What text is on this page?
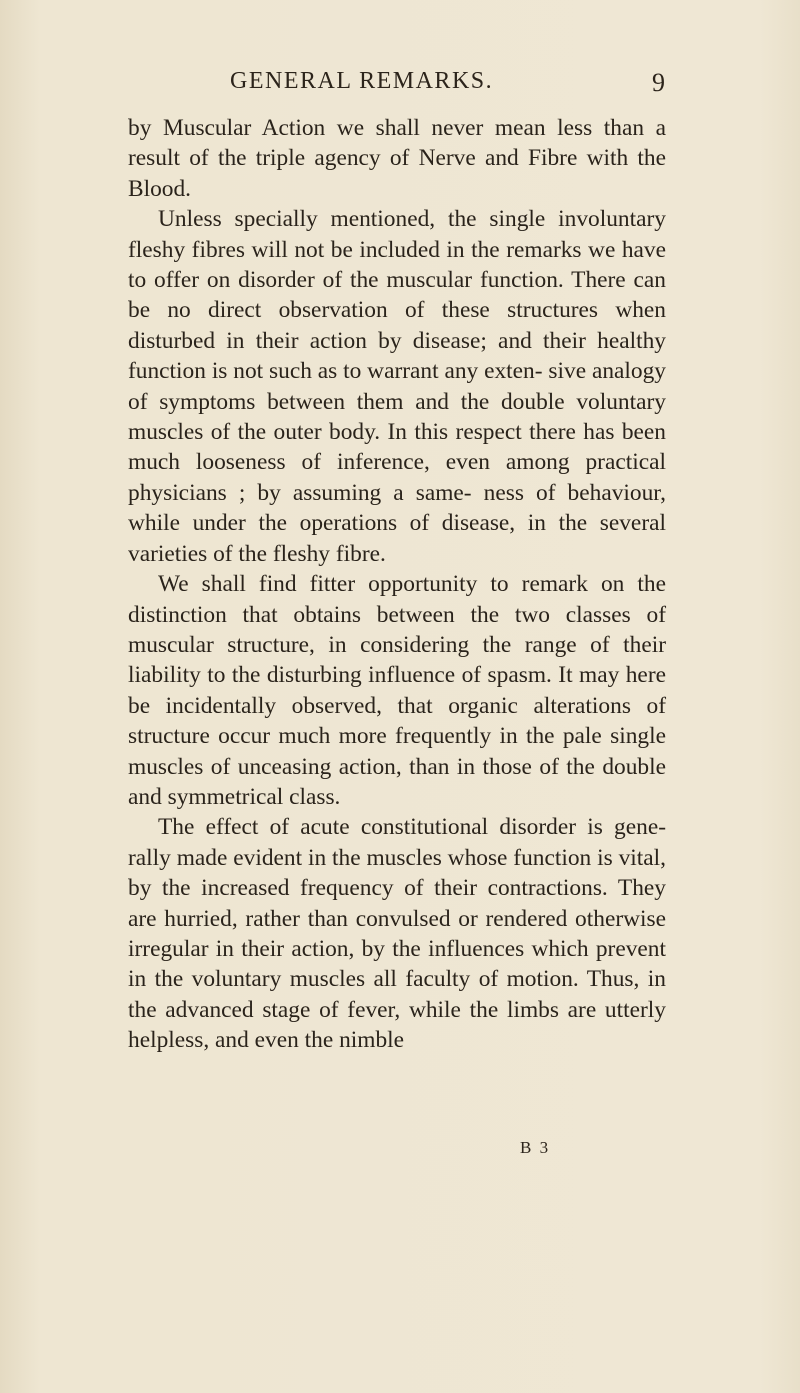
GENERAL REMARKS.	9

by Muscular Action we shall never mean less than a result of the triple agency of Nerve and Fibre with the Blood.

Unless specially mentioned, the single involuntary fleshy fibres will not be included in the remarks we have to offer on disorder of the muscular function. There can be no direct observation of these structures when disturbed in their action by disease; and their healthy function is not such as to warrant any exten- sive analogy of symptoms between them and the double voluntary muscles of the outer body. In this respect there has been much looseness of inference, even among practical physicians ; by assuming a same- ness of behaviour, while under the operations of disease, in the several varieties of the fleshy fibre.

We shall find fitter opportunity to remark on the distinction that obtains between the two classes of muscular structure, in considering the range of their liability to the disturbing influence of spasm. It may here be incidentally observed, that organic alterations of structure occur much more frequently in the pale single muscles of unceasing action, than in those of the double and symmetrical class.

The effect of acute constitutional disorder is gene- rally made evident in the muscles whose function is vital, by the increased frequency of their contractions. They are hurried, rather than convulsed or rendered otherwise irregular in their action, by the influences which prevent in the voluntary muscles all faculty of motion. Thus, in the advanced stage of fever, while the limbs are utterly helpless, and even the nimble

B 3
